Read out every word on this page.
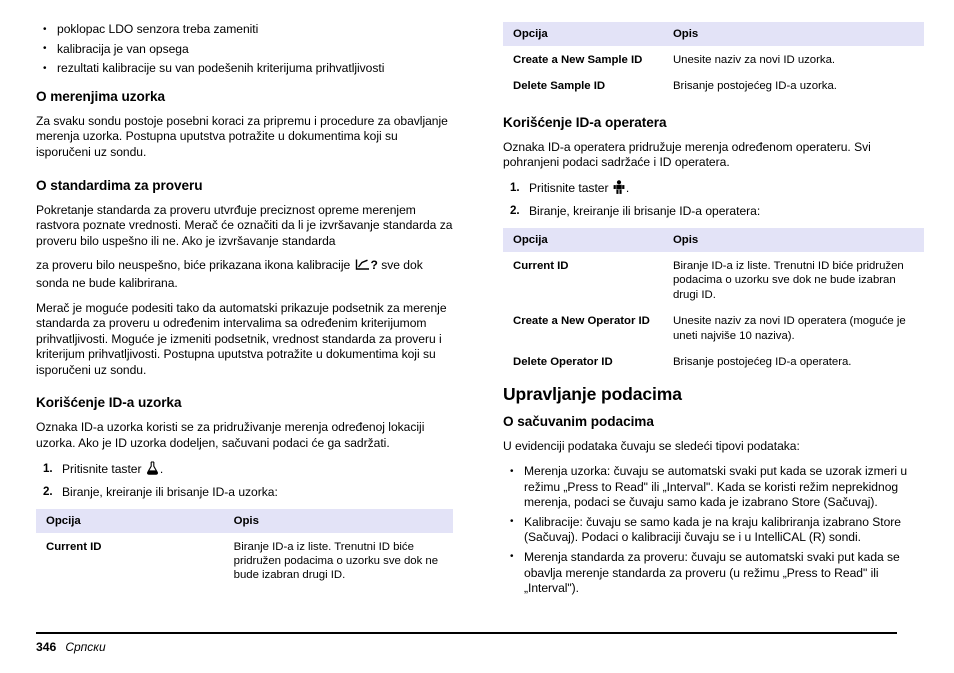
• poklopac LDO senzora treba zameniti
• kalibracija je van opsega
• rezultati kalibracije su van podešenih kriterijuma prihvatljivosti
O merenjima uzorka

Za svaku sondu postoje posebni koraci za pripremu i procedure za obavljanje merenja uzorka. Postupna uputstva potražite u dokumentima koji su isporučeni uz sondu.

O standardima za proveru

Pokretanje standarda za proveru utvrđuje preciznost opreme merenjem rastvora poznate vrednosti. Merač će označiti da li je izvršavanje standarda za proveru bilo uspešno ili ne. Ako je izvršavanje standarda

za proveru bilo neuspešno, biće prikazana ikona kalibracije ? sve dok sonda ne bude kalibrirana.

Merač je moguće podesiti tako da automatski prikazuje podsetnik za merenje standarda za proveru u određenim intervalima sa određenim kriterijumom prihvatljivosti. Moguće je izmeniti podsetnik, vrednost standarda za proveru i kriterijum prihvatljivosti. Postupna uputstva potražite u dokumentima koji su isporučeni uz sondu.

Korišćenje ID-a uzorka

Oznaka ID-a uzorka koristi se za pridruživanje merenja određenoj lokaciji uzorka. Ako je ID uzorka dodeljen, sačuvani podaci će ga sadržati.

1. Pritisnite taster .
2. Biranje, kreiranje ili brisanje ID-a uzorka:
Opcija	Opis
Current ID	Biranje ID-a iz liste. Trenutni ID biće pridružen podacima o uzorku sve dok ne bude izabran drugi ID.
Opcija	Opis
Create a New Sample ID	Unesite naziv za novi ID uzorka.
Delete Sample ID	Brisanje postojećeg ID-a uzorka.
Korišćenje ID-a operatera

Oznaka ID-a operatera pridružuje merenja određenom operateru. Svi pohranjeni podaci sadržaće i ID operatera.

1. Pritisnite taster .
2. Biranje, kreiranje ili brisanje ID-a operatera:
Opcija	Opis
Current ID	Biranje ID-a iz liste. Trenutni ID biće pridružen podacima o uzorku sve dok ne bude izabran drugi ID.
Create a New Operator ID	Unesite naziv za novi ID operatera (moguće je uneti najviše 10 naziva).
Delete Operator ID	Brisanje postojećeg ID-a operatera.
Upravljanje podacima
O sačuvanim podacima

U evidenciji podataka čuvaju se sledeći tipovi podataka:

• Merenja uzorka: čuvaju se automatski svaki put kada se uzorak izmeri u režimu „Press to Read" ili „Interval". Kada se koristi režim neprekidnog merenja, podaci se čuvaju samo kada je izabrano Store (Sačuvaj).
• Kalibracije: čuvaju se samo kada je na kraju kalibriranja izabrano Store (Sačuvaj). Podaci o kalibraciji čuvaju se i u IntelliCAL (R) sondi.
• Merenja standarda za proveru: čuvaju se automatski svaki put kada se obavlja merenje standarda za proveru (u režimu „Press to Read" ili „Interval").
346 Српски
